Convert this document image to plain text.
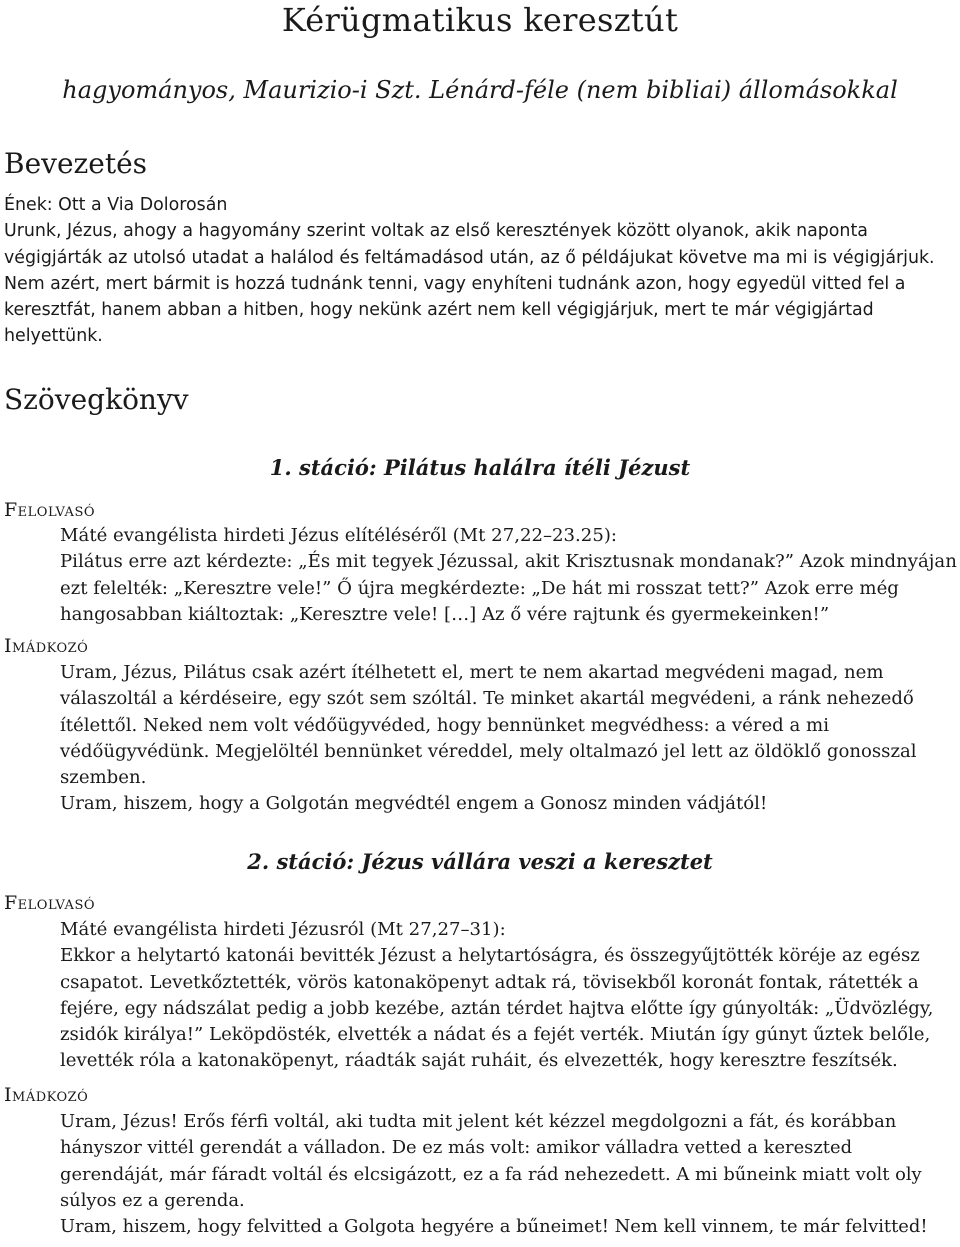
Kérügmatikus keresztút
hagyományos, Maurizio-i Szt. Lénárd-féle (nem bibliai) állomásokkal
Bevezetés

Ének: Ott a Via Dolorosán

Urunk, Jézus, ahogy a hagyomány szerint voltak az első keresztények között olyanok, akik naponta végigjárták az utolsó utadat a halálod és feltámadásod után, az ő példájukat követve ma mi is végigjárjuk. Nem azért, mert bármit is hozzá tudnánk tenni, vagy enyhíteni tudnánk azon, hogy egyedül vitted fel a keresztfát, hanem abban a hitben, hogy nekünk azért nem kell végigjárjuk, mert te már végigjártad helyettünk.

Szövegkönyv
1. stáció: Pilátus halálra ítéli Jézust
Felolvasó

Máté evangélista hirdeti Jézus elítéléséről (Mt 27,22–23.25):

Pilátus erre azt kérdezte: „És mit tegyek Jézussal, akit Krisztusnak mondanak?” Azok mindnyájan ezt felelték: „Keresztre vele!” Ő újra megkérdezte: „De hát mi rosszat tett?” Azok erre még hangosabban kiáltoztak: „Keresztre vele! […] Az ő vére rajtunk és gyermekeinken!”

Imádkozó

Uram, Jézus, Pilátus csak azért ítélhetett el, mert te nem akartad megvédeni magad, nem válaszoltál a kérdéseire, egy szót sem szóltál. Te minket akartál megvédeni, a ránk nehezedő ítélettől. Neked nem volt védőügyvéded, hogy bennünket megvédhess: a véred a mi védőügyvédünk. Megjelöltél bennünket véreddel, mely oltalmazó jel lett az öldöklő gonosszal szemben.

Uram, hiszem, hogy a Golgotán megvédtél engem a Gonosz minden vádjától!

2. stáció: Jézus vállára veszi a keresztet
Felolvasó

Máté evangélista hirdeti Jézusról (Mt 27,27–31):

Ekkor a helytartó katonái bevitték Jézust a helytartóságra, és összegyűjtötték köréje az egész csapatot. Levetkőztették, vörös katonaköpenyt adtak rá, tövisekből koronát fontak, rátették a fejére, egy nádszálat pedig a jobb kezébe, aztán térdet hajtva előtte így gúnyolták: „Üdvözlégy, zsidók királya!” Leköpdösték, elvették a nádat és a fejét verték. Miután így gúnyt űztek belőle, levették róla a katonaköpenyt, ráadták saját ruháit, és elvezették, hogy keresztre feszítsék.

Imádkozó

Uram, Jézus! Erős férfi voltál, aki tudta mit jelent két kézzel megdolgozni a fát, és korábban hányszor vittél gerendát a válladon. De ez más volt: amikor válladra vetted a kereszted gerendáját, már fáradt voltál és elcsigázott, ez a fa rád nehezedett. A mi bűneink miatt volt oly súlyos ez a gerenda.

Uram, hiszem, hogy felvitted a Golgota hegyére a bűneimet! Nem kell vinnem, te már felvitted!
